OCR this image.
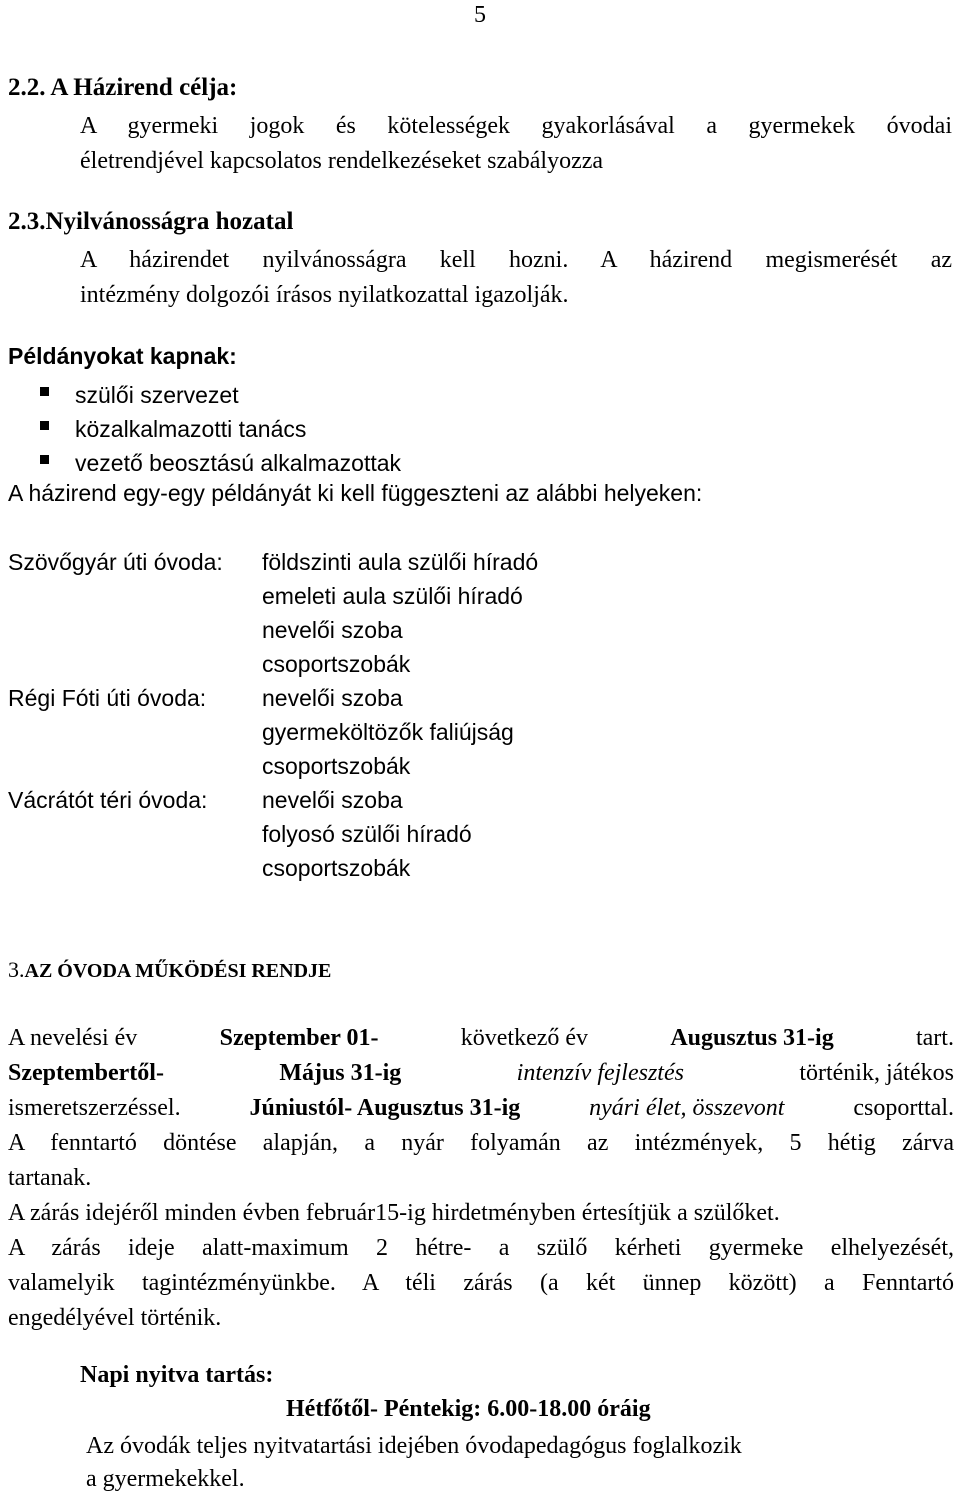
5
2.2. A Házirend célja:
A gyermeki jogok és kötelességek gyakorlásával a gyermekek óvodai
életrendjével kapcsolatos rendelkezéseket szabályozza
2.3.Nyilvánosságra hozatal
A házirendet nyilvánosságra kell hozni. A házirend megismerését az
intézmény dolgozói írásos nyilatkozattal igazolják.
Példányokat kapnak:
szülői szervezet
közalkalmazotti tanács
vezető beosztású alkalmazottak
A házirend egy-egy példányát ki kell függeszteni az alábbi helyeken:
Szövőgyár úti óvoda: földszinti aula szülői híradó
emeleti aula szülői híradó
nevelői szoba
csoportszobák
Régi Fóti úti óvoda: nevelői szoba
gyermeköltözők faliújság
csoportszobák
Vácrátót téri óvoda: nevelői szoba
folyosó szülői híradó
csoportszobák
3.AZ ÓVODA MŰKÖDÉSI RENDJE
A nevelési év	Szeptember 01-	következő év	Augusztus 31-ig	tart.
Szeptembertől-	Május 31-ig	intenzív fejlesztés	történik, játékos
ismeretszerzéssel.	Júniustól- Augusztus 31-ig	nyári élet, összevont	csoporttal.
A fenntartó döntése alapján, a nyár folyamán az intézmények, 5 hétig zárva
tartanak.
A zárás idejéről minden évben február15-ig hirdetményben értesítjük a szülőket.
A zárás ideje alatt-maximum 2 hétre- a szülő kérheti gyermeke elhelyezését,
valamelyik tagintézményünkbe. A téli zárás (a két ünnep között) a Fenntartó
engedélyével történik.
Napi nyitva tartás:
Hétfőtől- Péntekig: 6.00-18.00 óráig
Az óvodák teljes nyitvatartási idejében óvodapedagógus foglalkozik
a gyermekekkel.
